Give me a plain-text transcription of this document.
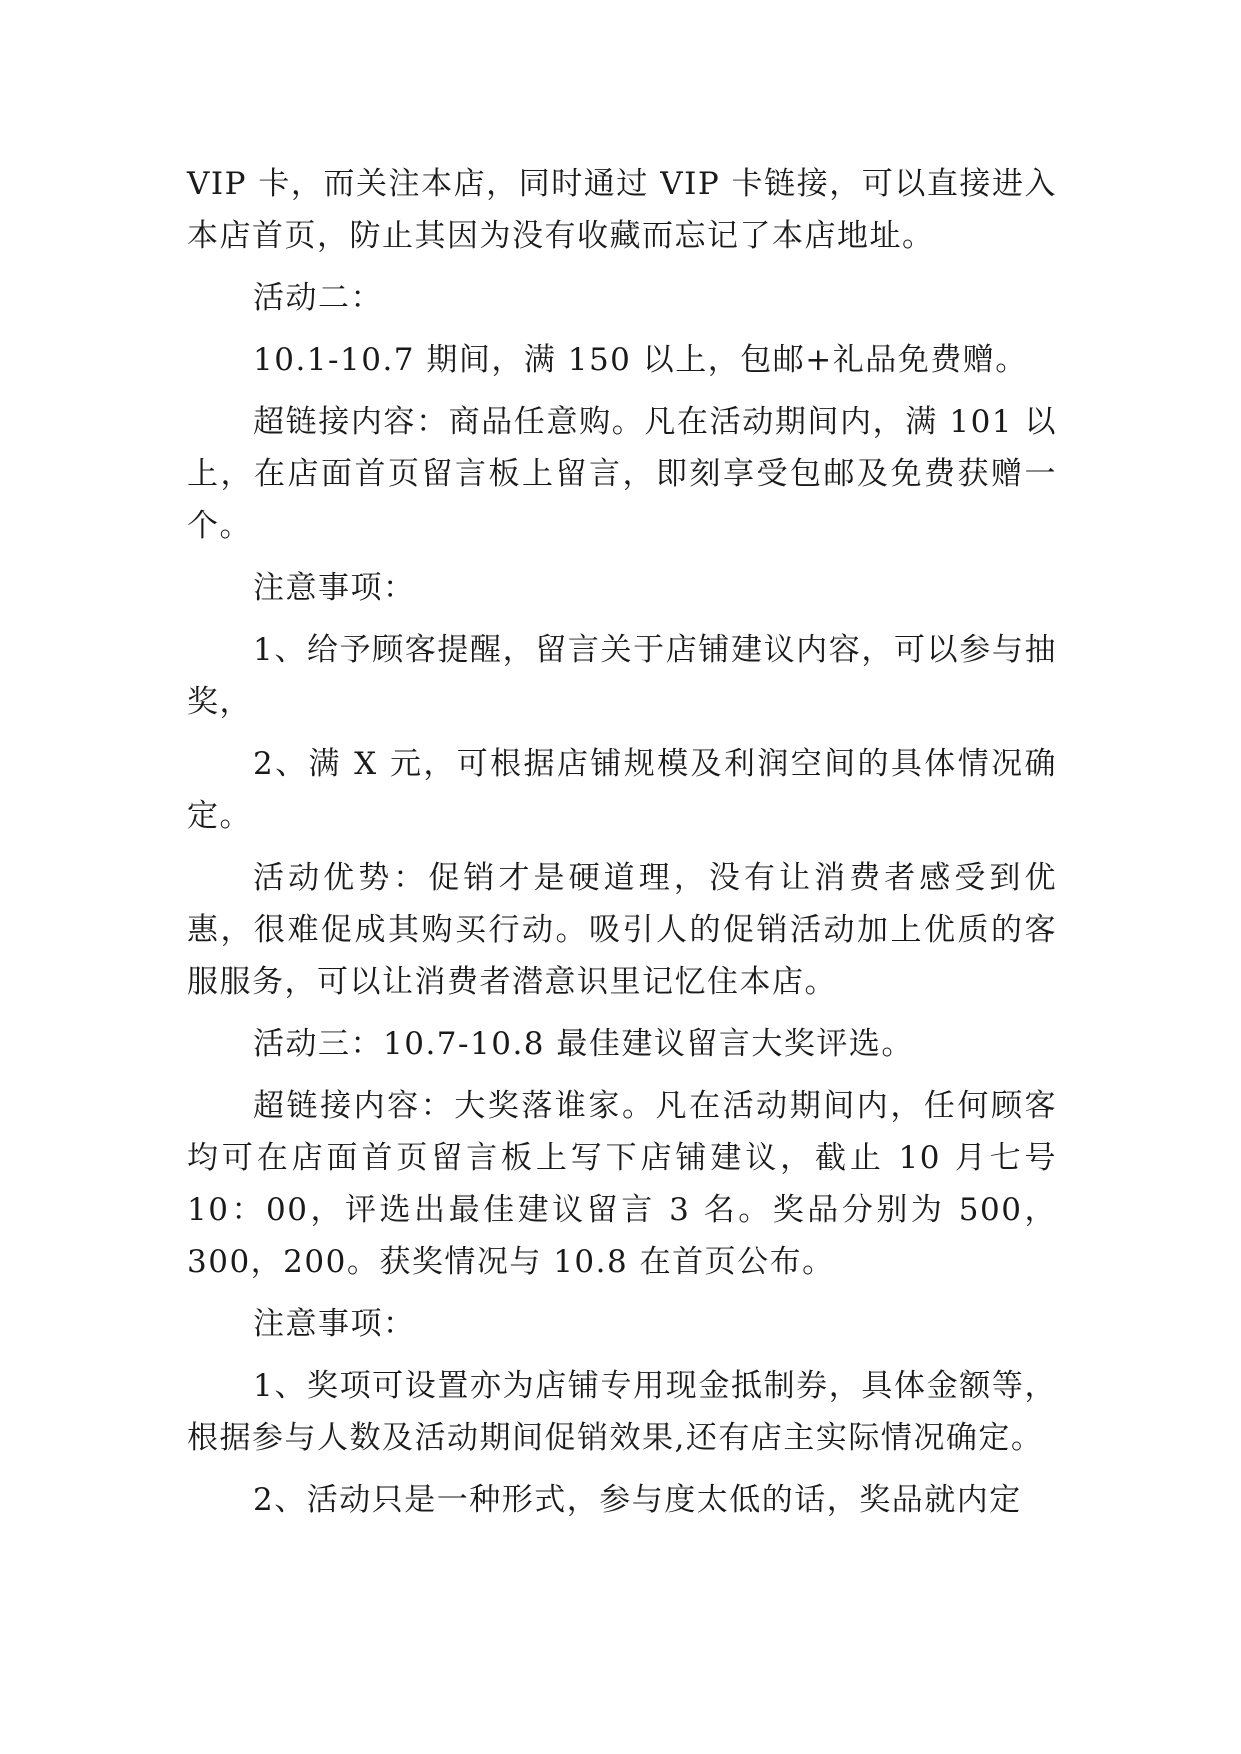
VIP 卡，而关注本店，同时通过 VIP 卡链接，可以直接进入本店首页，防止其因为没有收藏而忘记了本店地址。

活动二：

10.1-10.7 期间，满 150 以上，包邮+礼品免费赠。

超链接内容：商品任意购。凡在活动期间内，满 101 以上，在店面首页留言板上留言，即刻享受包邮及免费获赠一个。

注意事项：

1、给予顾客提醒，留言关于店铺建议内容，可以参与抽奖，

2、满 X 元，可根据店铺规模及利润空间的具体情况确定。

活动优势：促销才是硬道理，没有让消费者感受到优惠，很难促成其购买行动。吸引人的促销活动加上优质的客服服务，可以让消费者潜意识里记忆住本店。

活动三：10.7-10.8 最佳建议留言大奖评选。

超链接内容：大奖落谁家。凡在活动期间内，任何顾客均可在店面首页留言板上写下店铺建议，截止 10 月七号 10：00，评选出最佳建议留言 3 名。奖品分别为 500，300，200。获奖情况与 10.8 在首页公布。

注意事项：

1、奖项可设置亦为店铺专用现金抵制券，具体金额等，根据参与人数及活动期间促销效果,还有店主实际情况确定。

2、活动只是一种形式，参与度太低的话，奖品就内定
